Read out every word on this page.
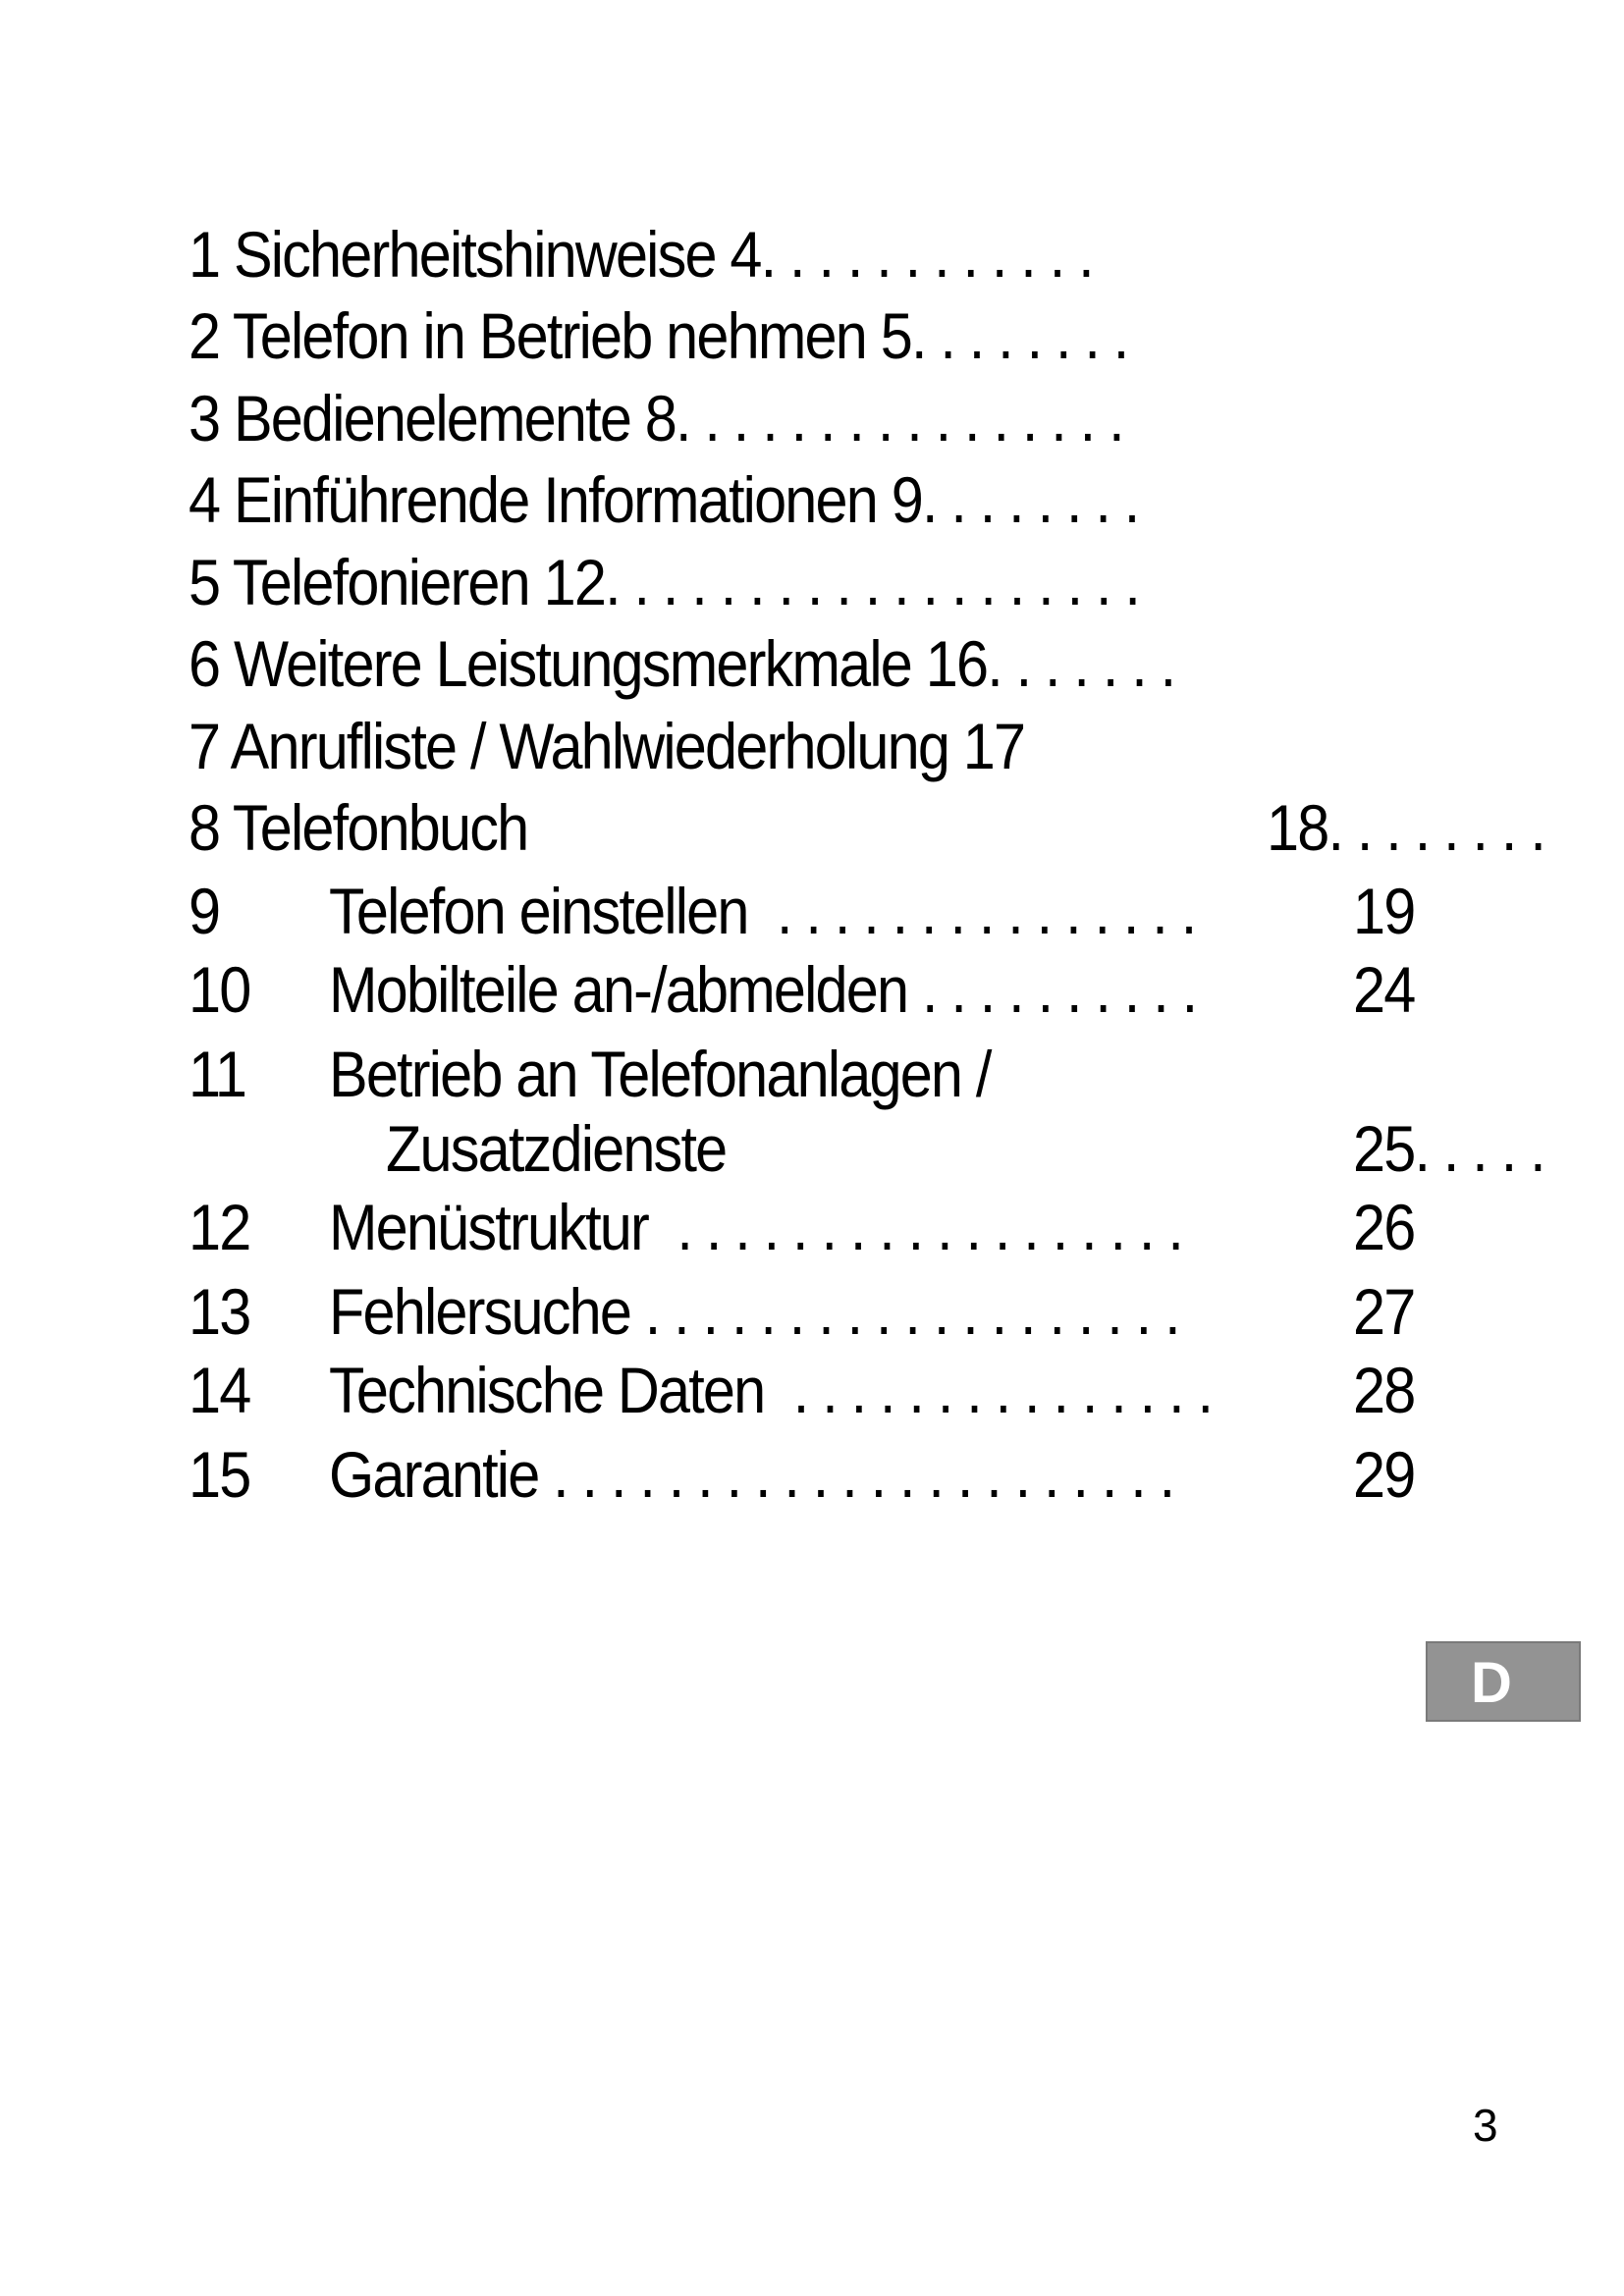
1 Sicherheitshinweise 4. . . . . . . . . . . .
2 Telefon in Betrieb nehmen 5. . . . . . . .
3 Bedienelemente 8. . . . . . . . . . . . . . . .
4 Einführende Informationen 9. . . . . . . .
5 Telefonieren 12. . . . . . . . . . . . . . . . . . .
6 Weitere Leistungsmerkmale 16. . . . . . .
7 Anrufliste / Wahlwiederholung 17
8 Telefonbuch	18. . . . . . . .
9 Telefon einstellen  . . . . . . . . . . . . . . . 19
10 Mobilteile an-/abmelden . . . . . . . . . . 24
11 Betrieb an Telefonanlagen /
Zusatzdienste	25. . . . .
12 Menüstruktur  . . . . . . . . . . . . . . . . . .	26
13 Fehlersuche . . . . . . . . . . . . . . . . . . .	27
14 Technische Daten  . . . . . . . . . . . . . . . 28
15 Garantie . . . . . . . . . . . . . . . . . . . . . .	29
D
3
